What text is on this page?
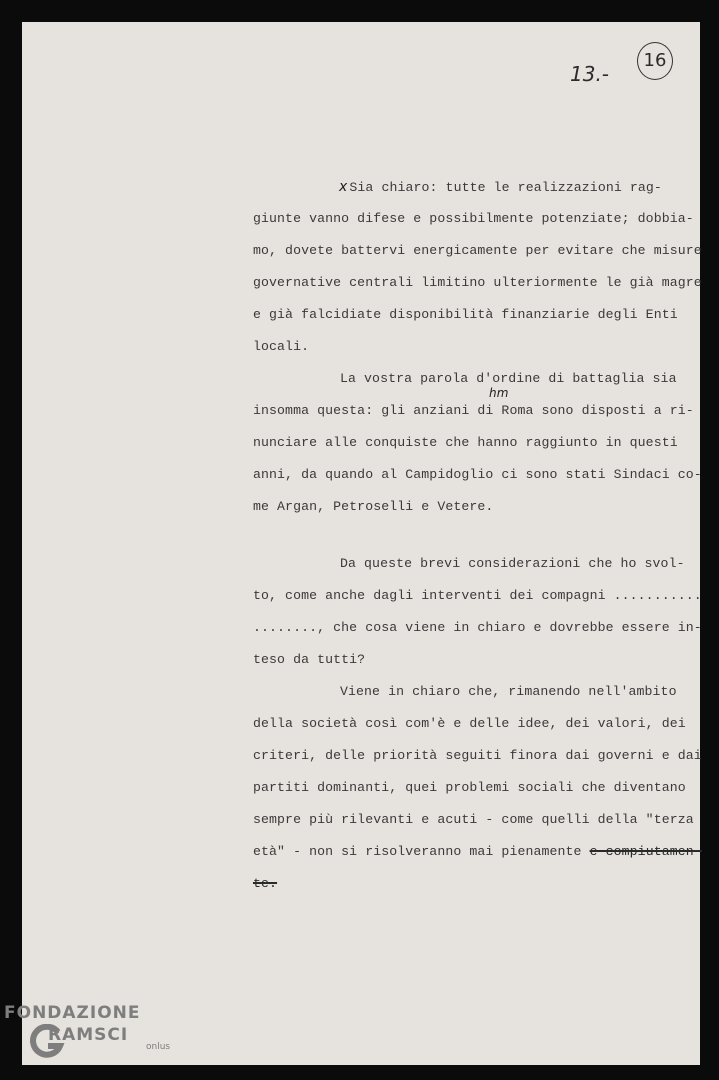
13.-
16
x Sia chiaro: tutte le realizzazioni rag-
giunte vanno difese e possibilmente potenziate; dobbia-
mo, dovete battervi energicamente per evitare che misure
governative centrali limitino ulteriormente le già magre
e già falcidiate disponibilità finanziarie degli Enti
locali.
La vostra parola d'ordine di battaglia sia
insomma questa: gli anziani di Roma sono disposti a ri-
hm
nunciare alle conquiste che hanno raggiunto in questi
anni, da quando al Campidoglio ci sono stati Sindaci co-
me Argan, Petroselli e Vetere.
Da queste brevi considerazioni che ho svol-
to, come anche dagli interventi dei compagni ...........
........, che cosa viene in chiaro e dovrebbe essere in-
teso da tutti?
Viene in chiaro che, rimanendo nell'ambito
della società così com'è e delle idee, dei valori, dei
criteri, delle priorità seguiti finora dai governi e dai
partiti dominanti, quei problemi sociali che diventano
sempre più rilevanti e acuti - come quelli della "terza
età" - non si risolveranno mai pienamente e compiutamen-
te.
FONDAZIONE
RAMSCI
onlus
